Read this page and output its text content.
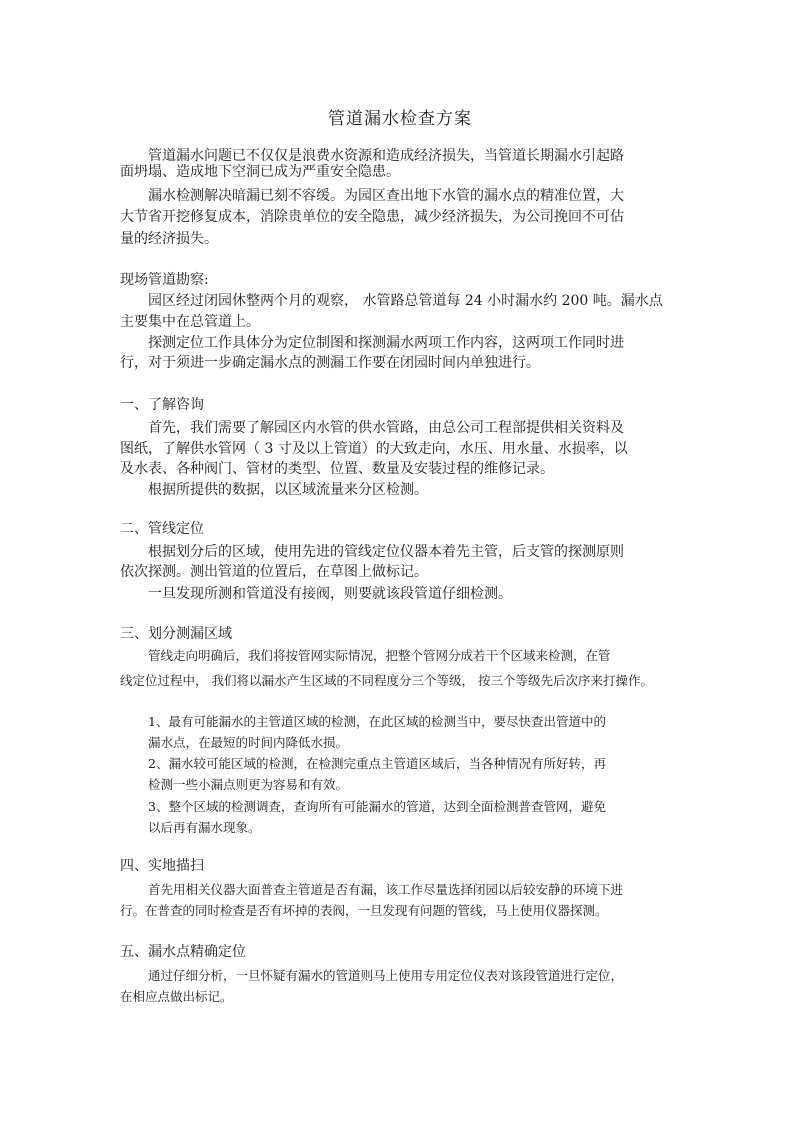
管道漏水检查方案
管道漏水问题已不仅仅是浪费水资源和造成经济损失，当管道长期漏水引起路
面坍塌、造成地下空洞已成为严重安全隐患。
漏水检测解决暗漏已刻不容缓。为园区查出地下水管的漏水点的精准位置，大
大节省开挖修复成本，消除贵单位的安全隐患，减少经济损失，为公司挽回不可估
量的经济损失。
现场管道勘察:
园区经过闭园休整两个月的观察， 水管路总管道每 24 小时漏水约 200 吨。漏水点
主要集中在总管道上。
探测定位工作具体分为定位制图和探测漏水两项工作内容，这两项工作同时进
行，对于须进一步确定漏水点的测漏工作要在闭园时间内单独进行。
一、了解咨询
首先，我们需要了解园区内水管的供水管路，由总公司工程部提供相关资料及
图纸，了解供水管网（ 3 寸及以上管道）的大致走向，水压、用水量、水损率，以
及水表、各种阀门、管材的类型、位置、数量及安装过程的维修记录。
根据所提供的数据，以区域流量来分区检测。
二、管线定位
根据划分后的区域，使用先进的管线定位仪器本着先主管，后支管的探测原则
依次探测。测出管道的位置后，在草图上做标记。
一旦发现所测和管道没有接阀，则要就该段管道仔细检测。
三、划分测漏区域
管线走向明确后，我们将按管网实际情况，把整个管网分成若干个区域来检测，在管
线定位过程中， 我们将以漏水产生区域的不同程度分三个等级， 按三个等级先后次序来打操作。
1、最有可能漏水的主管道区域的检测，在此区域的检测当中，要尽快查出管道中的
漏水点，在最短的时间内降低水损。
2、漏水较可能区域的检测，在检测完重点主管道区域后，当各种情况有所好转，再
检测一些小漏点则更为容易和有效。
3、整个区域的检测调查，查询所有可能漏水的管道，达到全面检测普查管网，避免
以后再有漏水现象。
四、实地描扫
首先用相关仪器大面普查主管道是否有漏，该工作尽量选择闭园以后较安静的环境下进
行。在普查的同时检查是否有坏掉的表阀，一旦发现有问题的管线，马上使用仪器探测。
五、漏水点精确定位
通过仔细分析，一旦怀疑有漏水的管道则马上使用专用定位仪表对该段管道进行定位，
在相应点做出标记。
